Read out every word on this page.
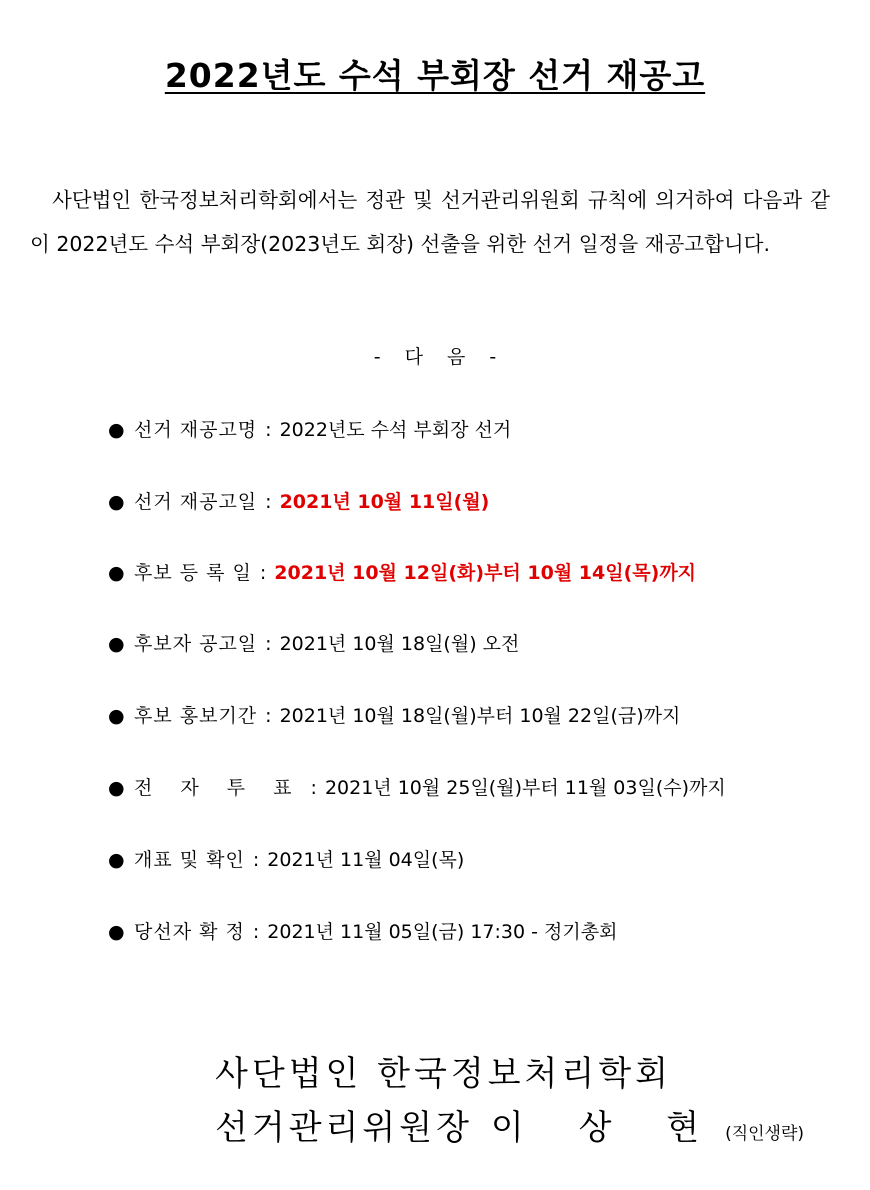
2022년도 수석 부회장 선거 재공고
사단법인 한국정보처리학회에서는 정관 및 선거관리위원회 규칙에 의거하여 다음과 같이 2022년도 수석 부회장(2023년도 회장) 선출을 위한 선거 일정을 재공고합니다.
- 다 음 -
● 선거 재공고명 : 2022년도 수석 부회장 선거
● 선거 재공고일 : 2021년 10월 11일(월)
● 후보 등 록 일 : 2021년 10월 12일(화)부터 10월 14일(목)까지
● 후보자 공고일 : 2021년 10월 18일(월) 오전
● 후보 홍보기간 : 2021년 10월 18일(월)부터 10월 22일(금)까지
● 전 자 투 표 : 2021년 10월 25일(월)부터 11월 03일(수)까지
● 개표 및 확인 : 2021년 11월 04일(목)
● 당선자 확 정 : 2021년 11월 05일(금) 17:30 - 정기총회
사단법인 한국정보처리학회
선거관리위원장 이 상 현 (직인생략)
